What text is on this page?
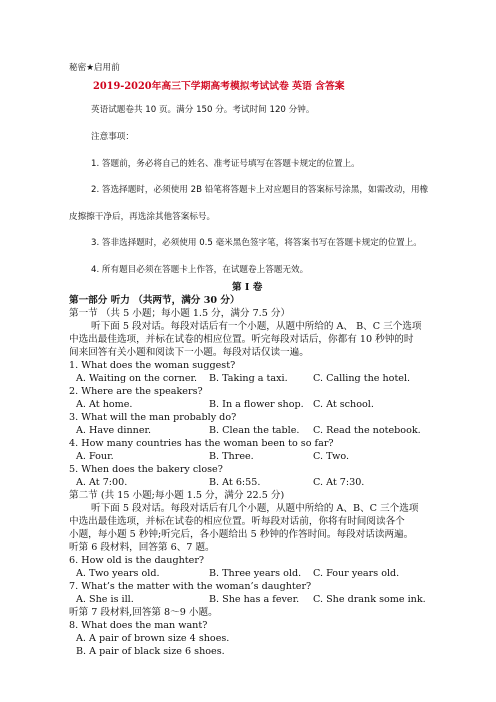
秘密★启用前
2019-2020年高三下学期高考模拟考试试卷 英语 含答案
英语试题卷共 10 页。满分 150 分。考试时间 120 分钟。
注意事项：
1. 答题前，务必将自己的姓名、准考证号填写在答题卡规定的位置上。
2. 答选择题时，必须使用 2B 铅笔将答题卡上对应题目的答案标号涂黑，如需改动，用橡
皮擦擦干净后，再选涂其他答案标号。
3. 答非选择题时，必须使用 0.5 毫米黑色签字笔，将答案书写在答题卡规定的位置上。
4. 所有题目必须在答题卡上作答，在试题卷上答题无效。
第 I 卷
第一部分 听力 （共两节，满分 30 分）
第一节 （共 5 小题；每小题 1.5 分，满分 7.5 分）
听下面 5 段对话。每段对话后有一个小题，从题中所给的 A、 B、C 三个选项
中选出最佳选项，并标在试卷的相应位置。听完每段对话后，你都有 10 秒钟的时
间来回答有关小题和阅读下一小题。每段对话仅读一遍。
1. What does the woman suggest?
A. Waiting on the corner. B. Taking a taxi.	C. Calling the hotel.
2. Where are the speakers?
A. At home.	B. In a flower shop. C. At school.
3. What will the man probably do?
A. Have dinner.	B. Clean the table. C. Read the notebook.
4. How many countries has the woman been to so far?
A. Four.	B. Three.	C. Two.
5. When does the bakery close?
A. At 7:00.	B. At 6:55.	C. At 7:30.
第二节 (共 15 小题;每小题 1.5 分，满分 22.5 分)
听下面 5 段对话。每段对话后有几个小题，从题中所给的 A、B、C 三个选项
中选出最佳选项，并标在试卷的相应位置。听每段对话前，你将有时间阅读各个
小题，每小题 5 秒钟;听完后，各小题给出 5 秒钟的作答时间。每段对话读两遍。
听第 6 段材料，回答第 6、7 题。
6. How old is the daughter?
A. Two years old.	B. Three years old. C. Four years old.
7. What’s the matter with the woman’s daughter?
A. She is ill.	B. She has a fever. C. She drank some ink.
听第 7 段材料,回答第 8～9 小题。
8. What does the man want?
A. A pair of brown size 4 shoes.
B. A pair of black size 6 shoes.
